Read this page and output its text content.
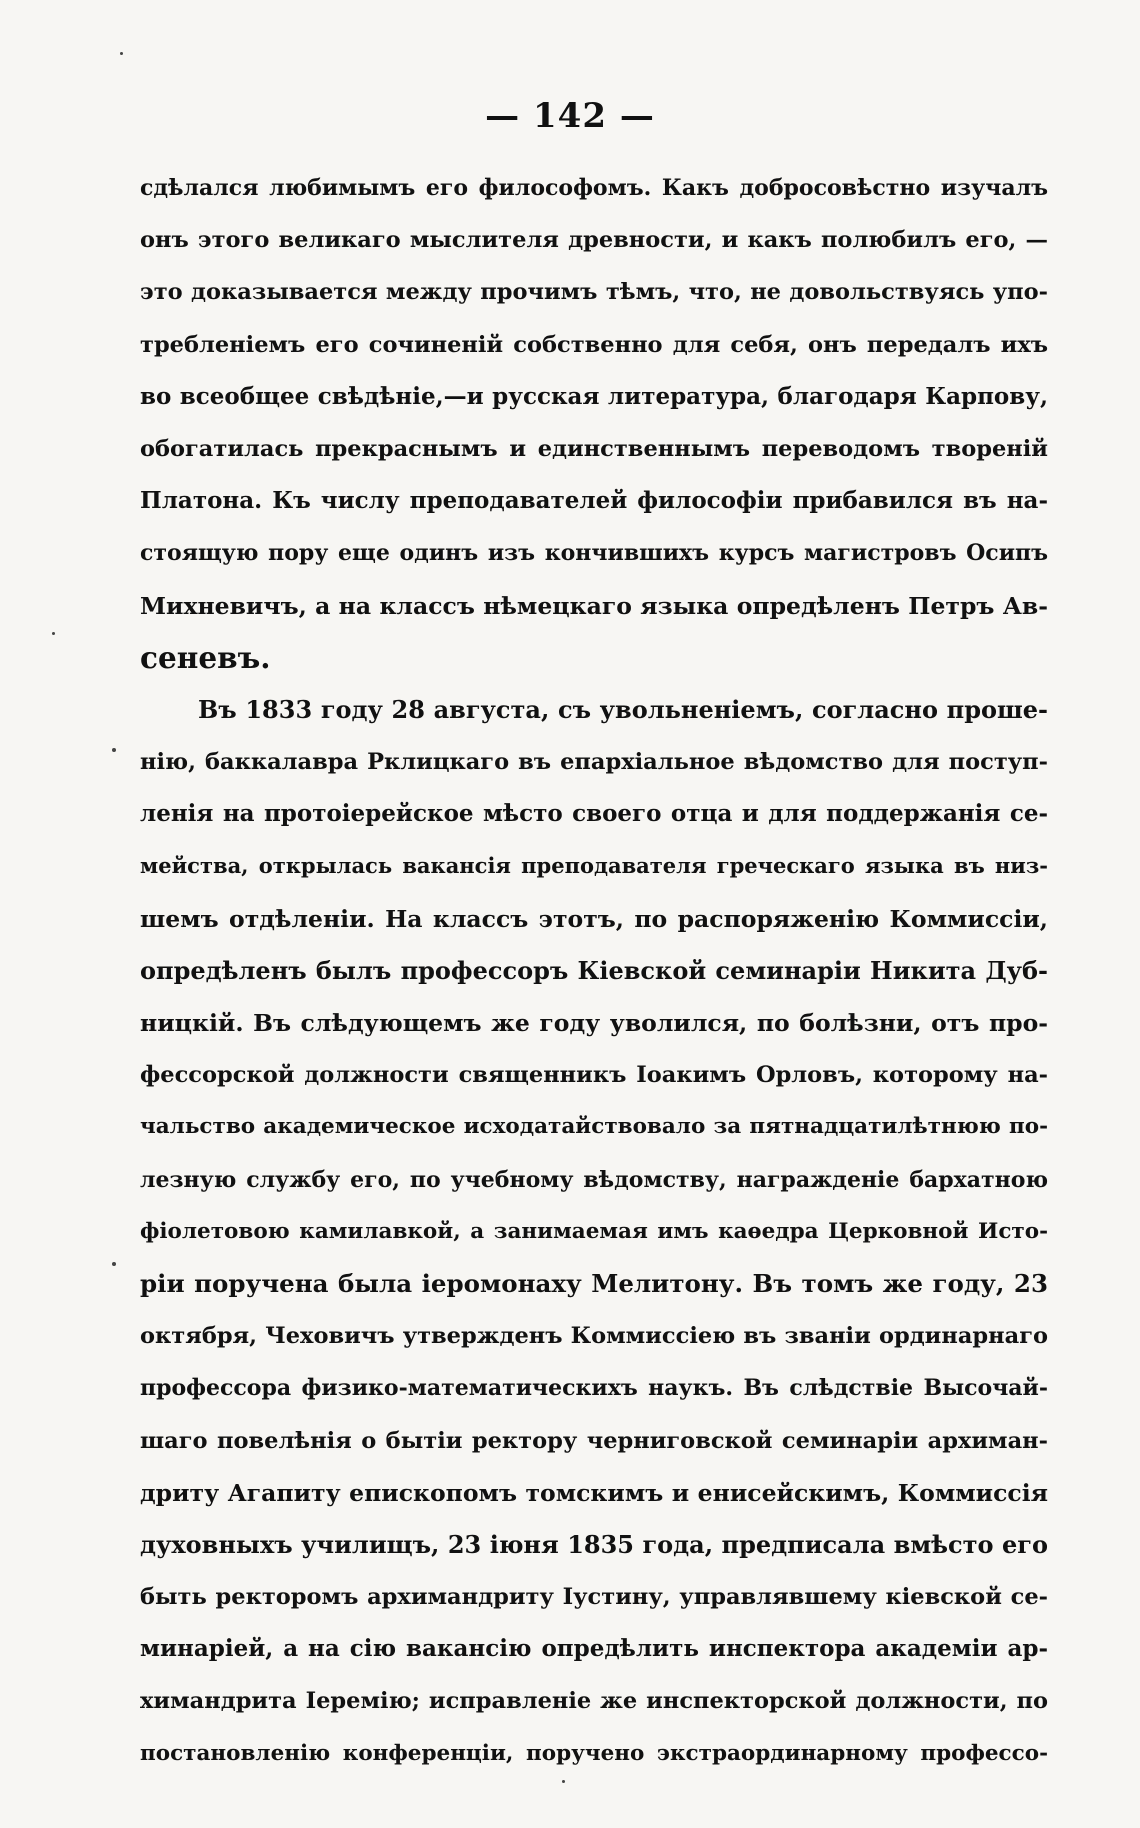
— 142 —
сдѣлался любимымъ его философомъ. Какъ добросовѣстно изучалъ
онъ этого великаго мыслителя древности, и какъ полюбилъ его, —
это доказывается между прочимъ тѣмъ, что, не довольствуясь упо-
требленіемъ его сочиненій собственно для себя, онъ передалъ ихъ
во всеобщее свѣдѣніе,—и русская литература, благодаря Карпову,
обогатилась прекраснымъ и единственнымъ переводомъ твореній
Платона. Къ числу преподавателей философіи прибавился въ на-
стоящую пору еще одинъ изъ кончившихъ курсъ магистровъ Осипъ
Михневичъ, а на классъ нѣмецкаго языка опредѣленъ Петръ Ав-
сеневъ.
Въ 1833 году 28 августа, съ увольненіемъ, согласно проше-
нію, баккалавра Рклицкаго въ епархіальное вѣдомство для поступ-
ленія на протоіерейское мѣсто своего отца и для поддержанія се-
мейства, открылась вакансія преподавателя греческаго языка въ низ-
шемъ отдѣленіи. На классъ этотъ, по распоряженію Коммиссіи,
опредѣленъ былъ профессоръ Кіевской семинаріи Никита Дуб-
ницкій. Въ слѣдующемъ же году уволился, по болѣзни, отъ про-
фессорской должности священникъ Іоакимъ Орловъ, которому на-
чальство академическое исходатайствовало за пятнадцатилѣтнюю по-
лезную службу его, по учебному вѣдомству, награжденіе бархатною
фіолетовою камилавкой, а занимаемая имъ каѳедра Церковной Исто-
ріи поручена была іеромонаху Мелитону. Въ томъ же году, 23
октября, Чеховичъ утвержденъ Коммиссіею въ званіи ординарнаго
профессора физико-математическихъ наукъ. Въ слѣдствіе Высочай-
шаго повелѣнія о бытіи ректору черниговской семинаріи архиман-
дриту Агапиту епископомъ томскимъ и енисейскимъ, Коммиссія
духовныхъ училищъ, 23 іюня 1835 года, предписала вмѣсто его
быть ректоромъ архимандриту Іустину, управлявшему кіевской се-
минаріей, а на сію вакансію опредѣлить инспектора академіи ар-
химандрита Іеремію; исправленіе же инспекторской должности, по
постановленію конференціи, поручено экстраординарному профессо-
